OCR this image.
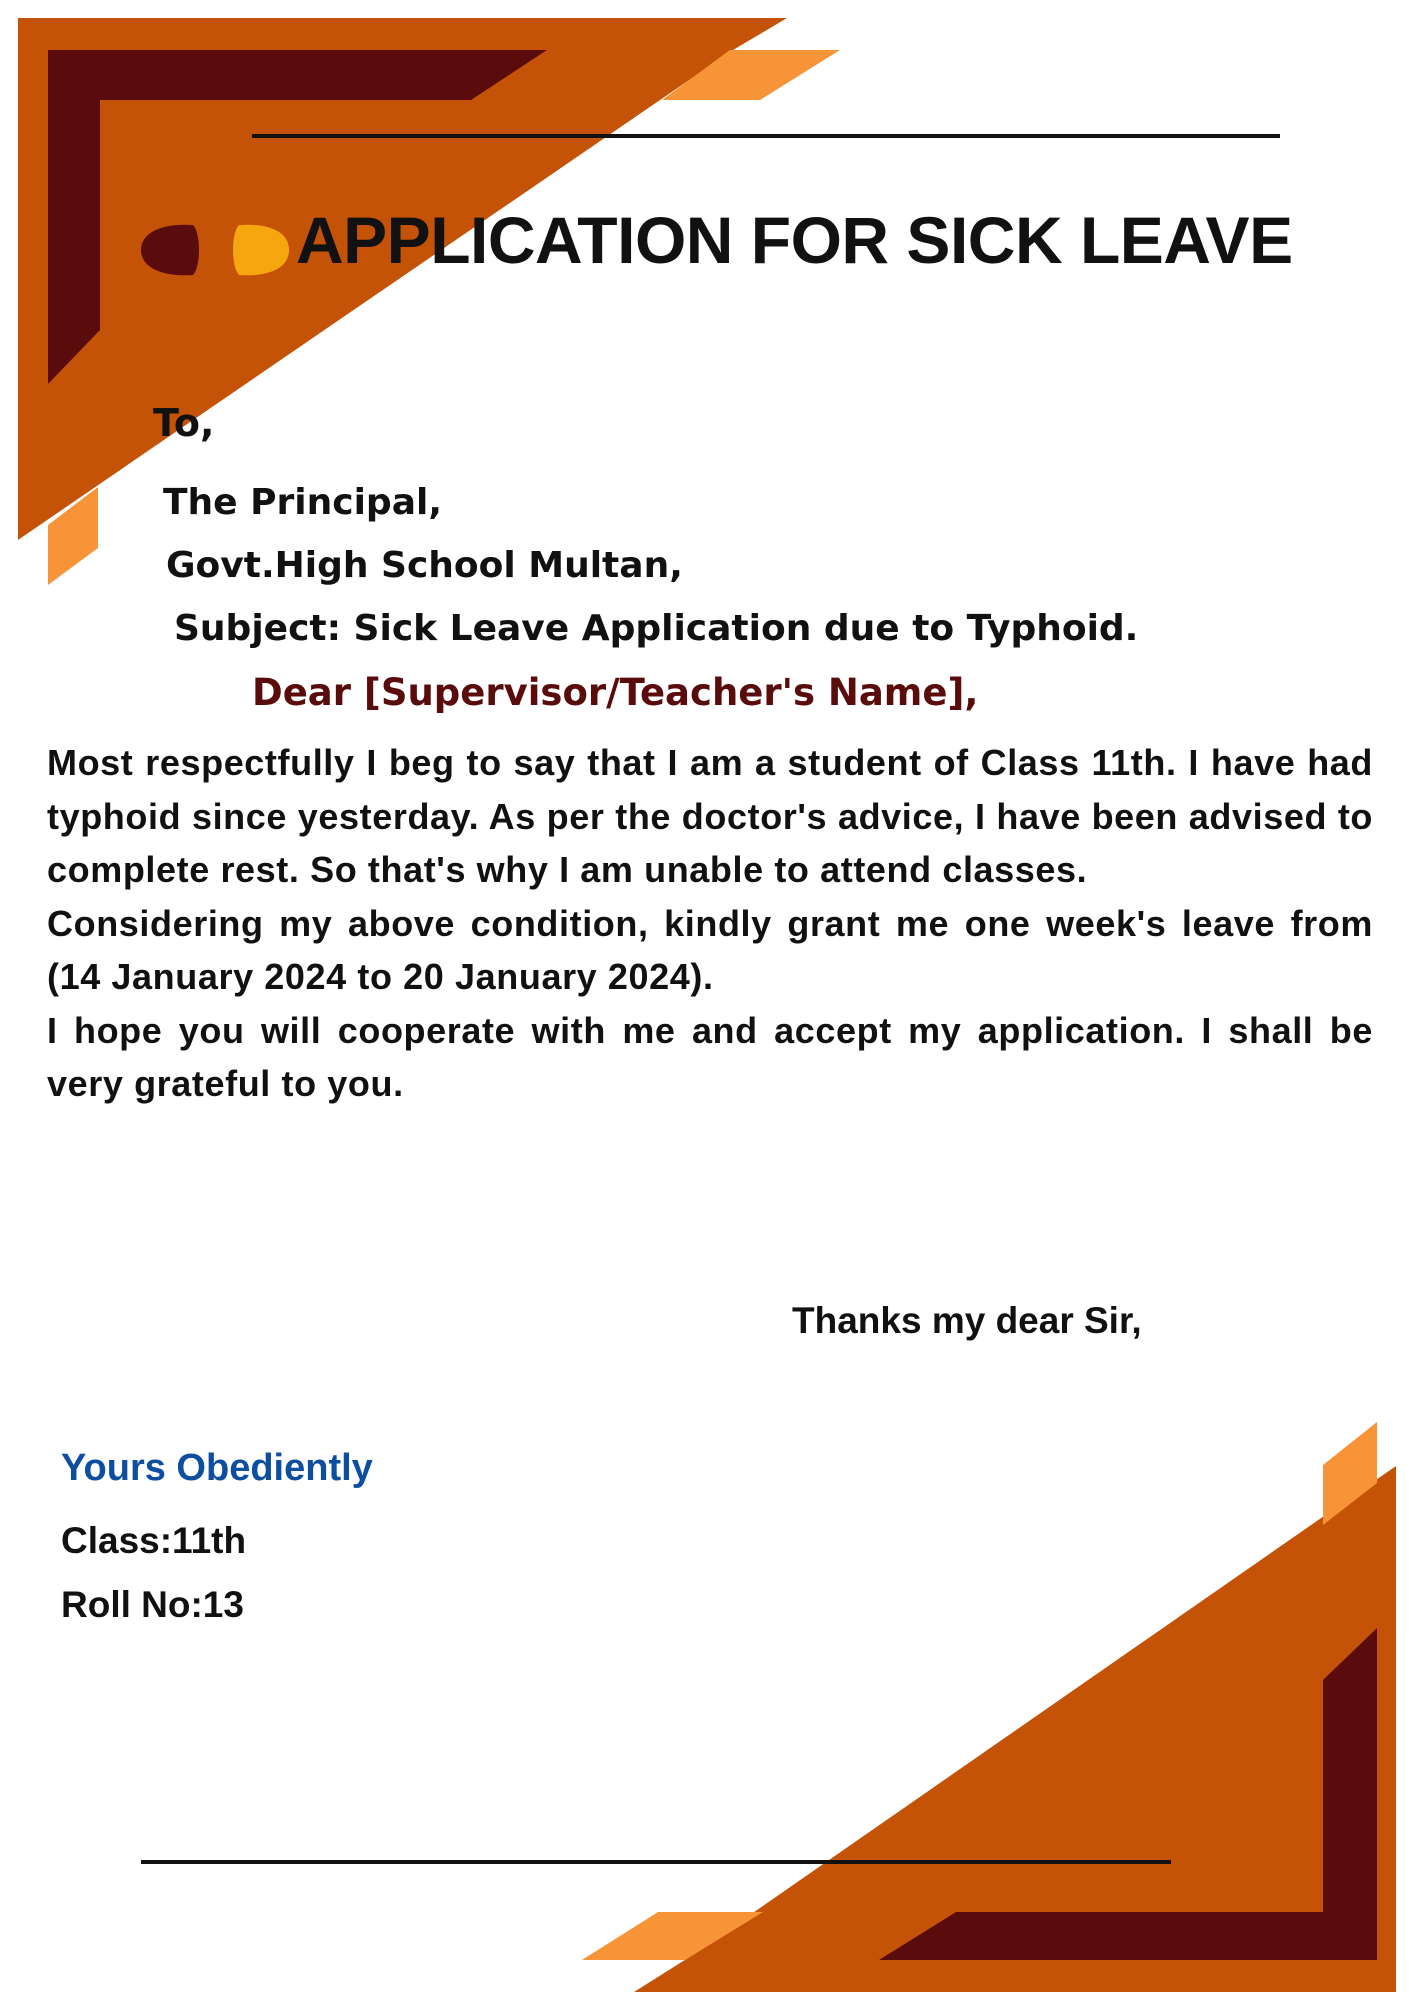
APPLICATION FOR SICK LEAVE

To,

The Principal,

Govt.High School Multan,

Subject: Sick Leave Application due to Typhoid.

Dear [Supervisor/Teacher's Name],

Most respectfully I beg to say that I am a student of Class 11th. I have had typhoid since yesterday. As per the doctor's advice, I have been advised to complete rest. So that's why I am unable to attend classes.

Considering my above condition, kindly grant me one week's leave from (14 January 2024 to 20 January 2024).

I hope you will cooperate with me and accept my application. I shall be very grateful to you.

Thanks my dear Sir,

Yours Obediently

Class:11th

Roll No:13
